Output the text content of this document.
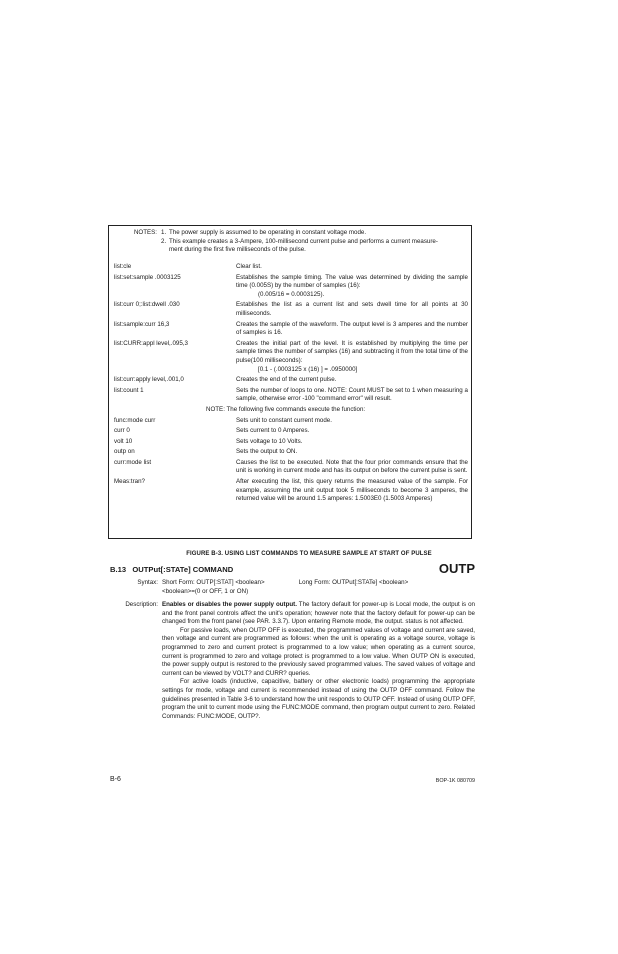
NOTES: 1. The power supply is assumed to be operating in constant voltage mode.
2. This example creates a 3-Ampere, 100-millisecond current pulse and performs a current measure-
ment during the first five milliseconds of the pulse.
list:cle	Clear list.
list:set:sample .0003125	Establishes the sample timing. The value was determined by dividing the sample time (0.005S) by the number of samples (16):
(0.005/16 = 0.0003125).
list:curr 0;:list:dwell .030	Establishes the list as a current list and sets dwell time for all points at 30 milliseconds.
list:sample:curr 16,3	Creates the sample of the waveform. The output level is 3 amperes and the number of samples is 16.
list:CURR:appl level,.095,3	Creates the initial part of the level. It is established by multiplying the time per sample times the number of samples (16) and subtracting it from the total time of the pulse(100 milliseconds):
[0.1 - (.0003125 x (16) ] = .0950000]
list:curr:apply level,.001,0	Creates the end of the current pulse.
list:count 1	Sets the number of loops to one. NOTE: Count MUST be set to 1 when measuring a sample, otherwise error -100 "command error" will result.
NOTE: The following five commands execute the function:
func:mode curr	Sets unit to constant current mode.
curr 0	Sets current to 0 Amperes.
volt 10	Sets voltage to 10 Volts.
outp on	Sets the output to ON.
curr:mode list	Causes the list to be executed. Note that the four prior commands ensure that the unit is working in current mode and has its output on before the current pulse is sent.
Meas:tran?	After executing the list, this query returns the measured value of the sample. For example, assuming the unit output took 5 milliseconds to become 3 amperes, the returned value will be around 1.5 amperes: 1.5003E0 (1.5003 Amperes)
FIGURE B-3. USING LIST COMMANDS TO MEASURE SAMPLE AT START OF PULSE
B.13 OUTPut[:STATe] COMMAND	OUTP
Syntax: Short Form: OUTP[:STAT] <boolean>	Long Form: OUTPut[:STATe] <boolean>
<boolean>=(0 or OFF, 1 or ON)
Description: Enables or disables the power supply output. The factory default for power-up is Local mode, the output is on and the front panel controls affect the unit's operation; however note that the factory default for power-up can be changed from the front panel (see PAR. 3.3.7). Upon entering Remote mode, the output. status is not affected.

For passive loads, when OUTP OFF is executed, the programmed values of voltage and current are saved, then voltage and current are programmed as follows: when the unit is operating as a voltage source, voltage is programmed to zero and current protect is programmed to a low value; when operating as a current source, current is programmed to zero and voltage protect is programmed to a low value. When OUTP ON is executed, the power supply output is restored to the previously saved programmed values. The saved values of voltage and current can be viewed by VOLT? and CURR? queries.

For active loads (inductive, capacitive, battery or other electronic loads) programming the appropriate settings for mode, voltage and current is recommended instead of using the OUTP OFF command. Follow the guidelines presented in Table 3-6 to understand how the unit responds to OUTP OFF. Instead of using OUTP OFF, program the unit to current mode using the FUNC:MODE command, then program output current to zero. Related Commands: FUNC:MODE, OUTP?.

B-6	BOP-1K 080709
